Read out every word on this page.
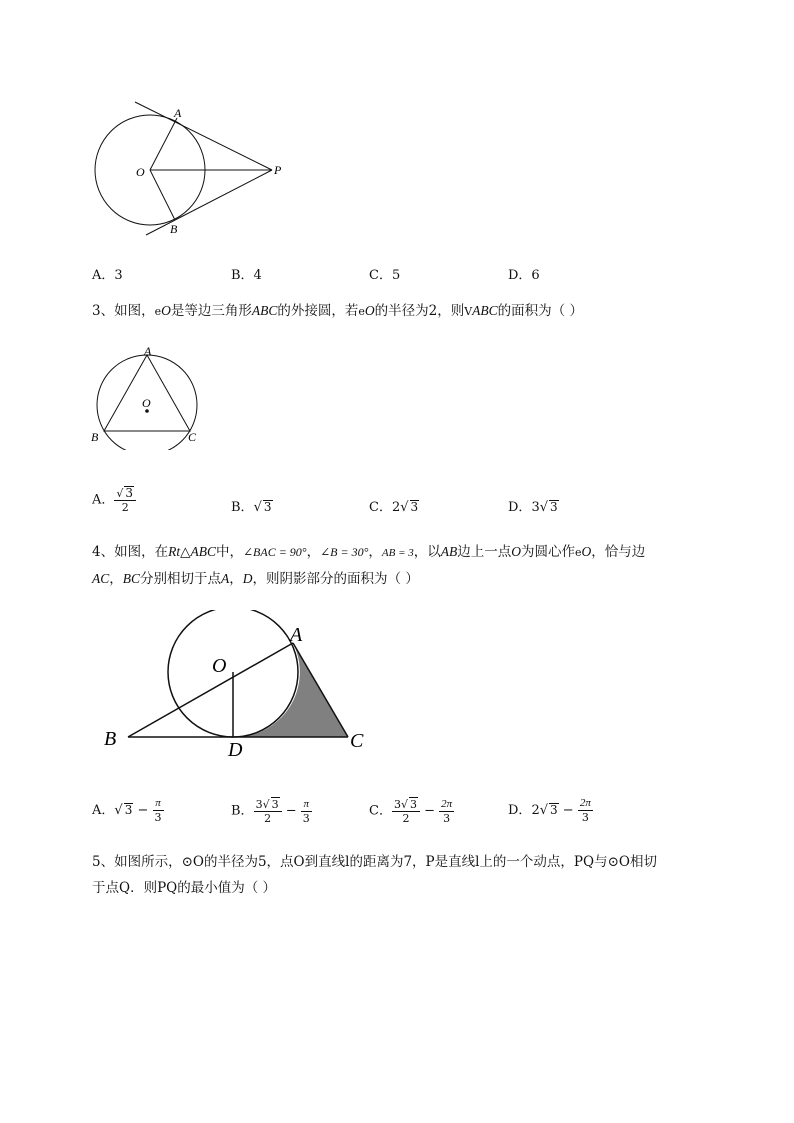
A
B
O	P
A．3	B．4	C．5	D．6
3、如图，eO是等边三角形ABC的外接圆，若eO的半径为2，则VABC的面积为（ ）
A
O
B	C
A． $\frac{√ 3}{2}$	B．√ 3	C．2√ 3	D．3√ 3
4、如图，在Rt△ABC中，∠BAC = 90°，∠B = 30°，AB = 3，以AB边上一点O为圆心作eO，恰与边
AC，BC分别相切于点A，D，则阴影部分的面积为（ ）
A
O
B	C
D
A．√ $3 - \frac{\pi}{3}$	B． $\frac{3√ 3}{2} - \frac{\pi}{3}$	C． $\frac{3√ 3}{2} - \frac{2\pi}{3}$	D．2√ $3 - \frac{2\pi}{3}$
5、如图所示，⊙O的半径为5，点O到直线l的距离为7，P是直线l上的一个动点，PQ与⊙O相切
于点Q．则PQ的最小值为（ ）
